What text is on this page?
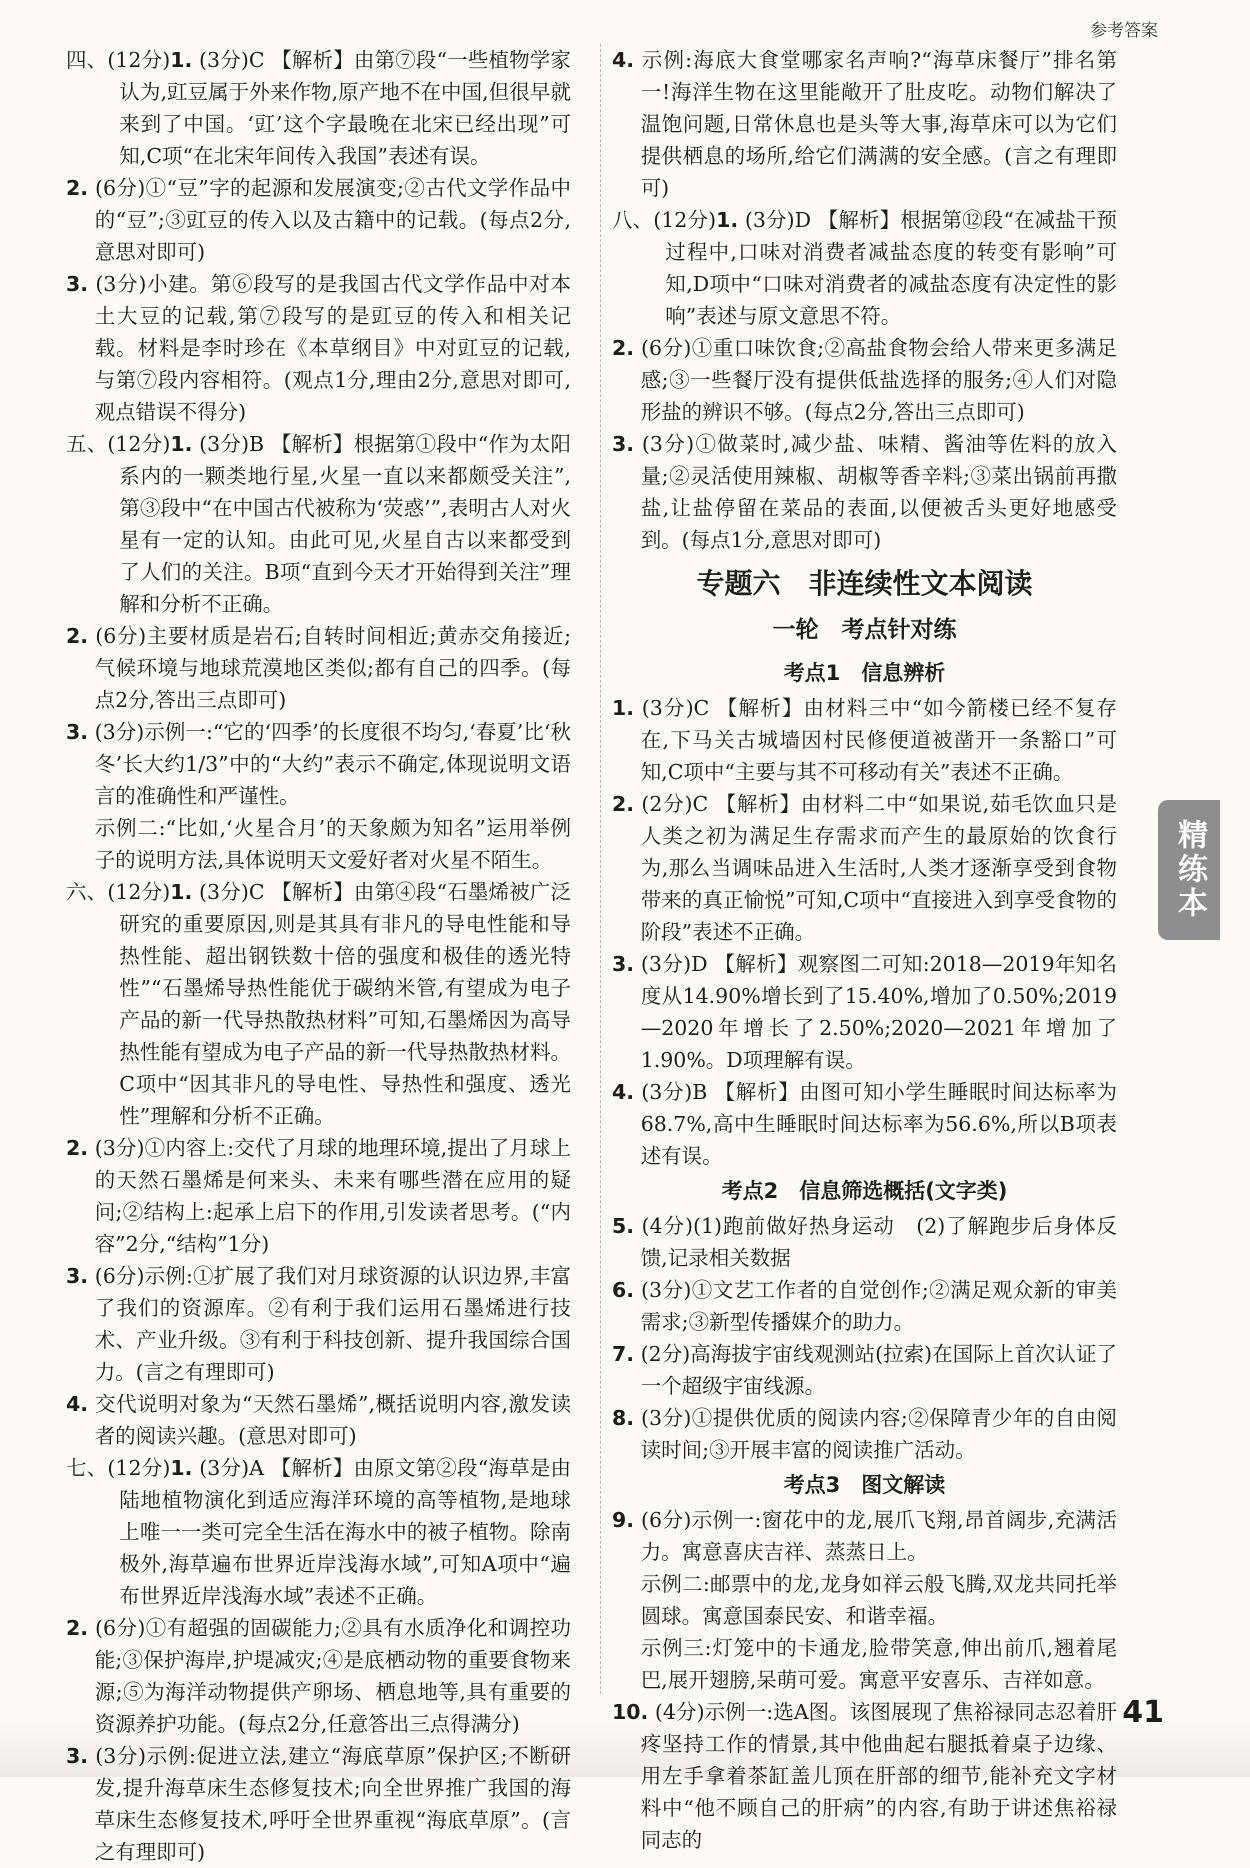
参考答案

四、(12分)1. (3分)C 【解析】由第⑦段“一些植物学家认为,豇豆属于外来作物,原产地不在中国,但很早就来到了中国。‘豇’这个字最晚在北宋已经出现”可知,C项“在北宋年间传入我国”表述有误。

2. (6分)①“豆”字的起源和发展演变;②古代文学作品中的“豆”;③豇豆的传入以及古籍中的记载。(每点2分,意思对即可)

3. (3分)小建。第⑥段写的是我国古代文学作品中对本土大豆的记载,第⑦段写的是豇豆的传入和相关记载。材料是李时珍在《本草纲目》中对豇豆的记载,与第⑦段内容相符。(观点1分,理由2分,意思对即可,观点错误不得分)

五、(12分)1. (3分)B 【解析】根据第①段中“作为太阳系内的一颗类地行星,火星一直以来都颇受关注”,第③段中“在中国古代被称为‘荧惑’”,表明古人对火星有一定的认知。由此可见,火星自古以来都受到了人们的关注。B项“直到今天才开始得到关注”理解和分析不正确。

2. (6分)主要材质是岩石;自转时间相近;黄赤交角接近;气候环境与地球荒漠地区类似;都有自己的四季。(每点2分,答出三点即可)

3. (3分)示例一:“它的‘四季’的长度很不均匀,‘春夏’比‘秋冬’长大约1/3”中的“大约”表示不确定,体现说明文语言的准确性和严谨性。

示例二:“比如,‘火星合月’的天象颇为知名”运用举例子的说明方法,具体说明天文爱好者对火星不陌生。

六、(12分)1. (3分)C 【解析】由第④段“石墨烯被广泛研究的重要原因,则是其具有非凡的导电性能和导热性能、超出钢铁数十倍的强度和极佳的透光特性”“石墨烯导热性能优于碳纳米管,有望成为电子产品的新一代导热散热材料”可知,石墨烯因为高导热性能有望成为电子产品的新一代导热散热材料。C项中“因其非凡的导电性、导热性和强度、透光性”理解和分析不正确。

2. (3分)①内容上:交代了月球的地理环境,提出了月球上的天然石墨烯是何来头、未来有哪些潜在应用的疑问;②结构上:起承上启下的作用,引发读者思考。(“内容”2分,“结构”1分)

3. (6分)示例:①扩展了我们对月球资源的认识边界,丰富了我们的资源库。②有利于我们运用石墨烯进行技术、产业升级。③有利于科技创新、提升我国综合国力。(言之有理即可)

4. 交代说明对象为“天然石墨烯”,概括说明内容,激发读者的阅读兴趣。(意思对即可)

七、(12分)1. (3分)A 【解析】由原文第②段“海草是由陆地植物演化到适应海洋环境的高等植物,是地球上唯一一类可完全生活在海水中的被子植物。除南极外,海草遍布世界近岸浅海水域”,可知A项中“遍布世界近岸浅海水域”表述不正确。

2. (6分)①有超强的固碳能力;②具有水质净化和调控功能;③保护海岸,护堤减灾;④是底栖动物的重要食物来源;⑤为海洋动物提供产卵场、栖息地等,具有重要的资源养护功能。(每点2分,任意答出三点得满分)

3. (3分)示例:促进立法,建立“海底草原”保护区;不断研发,提升海草床生态修复技术;向全世界推广我国的海草床生态修复技术,呼吁全世界重视“海底草原”。(言之有理即可)

4. 示例:海底大食堂哪家名声响?“海草床餐厅”排名第一!海洋生物在这里能敞开了肚皮吃。动物们解决了温饱问题,日常休息也是头等大事,海草床可以为它们提供栖息的场所,给它们满满的安全感。(言之有理即可)

八、(12分)1. (3分)D 【解析】根据第⑫段“在减盐干预过程中,口味对消费者减盐态度的转变有影响”可知,D项中“口味对消费者的减盐态度有决定性的影响”表述与原文意思不符。

2. (6分)①重口味饮食;②高盐食物会给人带来更多满足感;③一些餐厅没有提供低盐选择的服务;④人们对隐形盐的辨识不够。(每点2分,答出三点即可)

3. (3分)①做菜时,减少盐、味精、酱油等佐料的放入量;②灵活使用辣椒、胡椒等香辛料;③菜出锅前再撒盐,让盐停留在菜品的表面,以便被舌头更好地感受到。(每点1分,意思对即可)

专题六　非连续性文本阅读
一轮　考点针对练
考点1　信息辨析

1. (3分)C 【解析】由材料三中“如今箭楼已经不复存在,下马关古城墙因村民修便道被凿开一条豁口”可知,C项中“主要与其不可移动有关”表述不正确。

2. (2分)C 【解析】由材料二中“如果说,茹毛饮血只是人类之初为满足生存需求而产生的最原始的饮食行为,那么当调味品进入生活时,人类才逐渐享受到食物带来的真正愉悦”可知,C项中“直接进入到享受食物的阶段”表述不正确。

3. (3分)D 【解析】观察图二可知:2018—2019年知名度从14.90%增长到了15.40%,增加了0.50%;2019—2020年增长了2.50%;2020—2021年增加了1.90%。D项理解有误。

4. (3分)B 【解析】由图可知小学生睡眠时间达标率为68.7%,高中生睡眠时间达标率为56.6%,所以B项表述有误。

考点2　信息筛选概括(文字类)

5. (4分)(1)跑前做好热身运动　(2)了解跑步后身体反馈,记录相关数据

6. (3分)①文艺工作者的自觉创作;②满足观众新的审美需求;③新型传播媒介的助力。

7. (2分)高海拔宇宙线观测站(拉索)在国际上首次认证了一个超级宇宙线源。

8. (3分)①提供优质的阅读内容;②保障青少年的自由阅读时间;③开展丰富的阅读推广活动。

考点3　图文解读

9. (6分)示例一:窗花中的龙,展爪飞翔,昂首阔步,充满活力。寓意喜庆吉祥、蒸蒸日上。

示例二:邮票中的龙,龙身如祥云般飞腾,双龙共同托举圆球。寓意国泰民安、和谐幸福。

示例三:灯笼中的卡通龙,脸带笑意,伸出前爪,翘着尾巴,展开翅膀,呆萌可爱。寓意平安喜乐、吉祥如意。

10. (4分)示例一:选A图。该图展现了焦裕禄同志忍着肝疼坚持工作的情景,其中他曲起右腿抵着桌子边缘、用左手拿着茶缸盖儿顶在肝部的细节,能补充文字材料中“他不顾自己的肝病”的内容,有助于讲述焦裕禄同志的

精练本
41
